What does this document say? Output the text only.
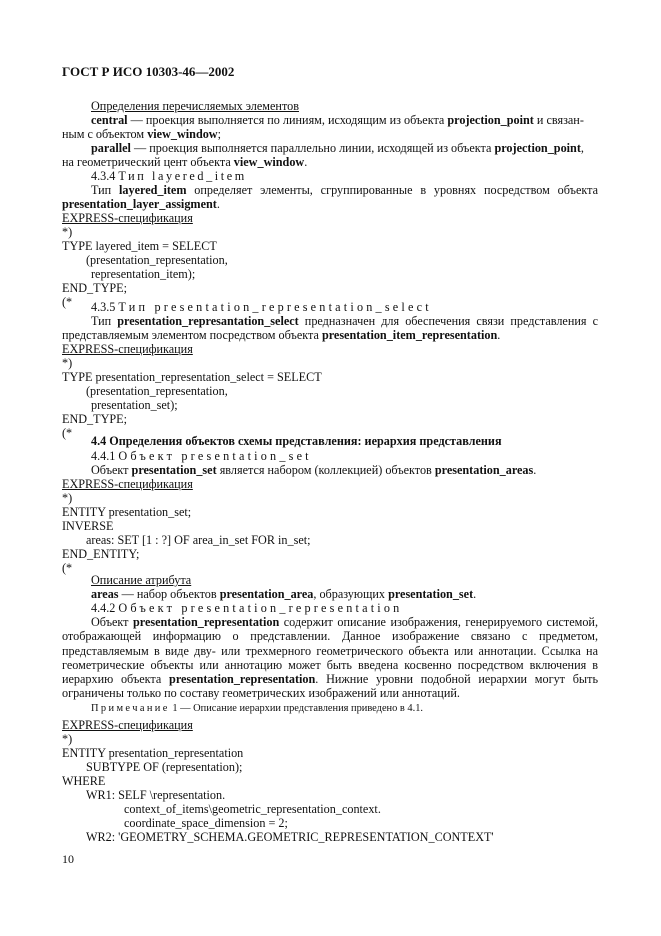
ГОСТ Р ИСО 10303-46—2002
Определения перечисляемых элементов
central — проекция выполняется по линиям, исходящим из объекта projection_point и связан-
ным с объектом view_window;
parallel — проекция выполняется параллельно линии, исходящей из объекта projection_point,
на геометрический цент объекта view_window.
4.3.4 Тип layered_item

Тип layered_item определяет элементы, сгруппированные в уровнях посредством объекта presentation_layer_assigment.

EXPRESS-спецификация
*)
TYPE layered_item = SELECT
(presentation_representation,
representation_item);
END_TYPE;
(* 4.3.5 Тип presentation_representation_select

Тип presentation_represantation_select предназначен для обеспечения связи представления с представляемым элементом посредством объекта presentation_item_representation.

EXPRESS-спецификация
*)
TYPE presentation_representation_select = SELECT
(presentation_representation,
presentation_set);
END_TYPE;
(*
4.4 Определения объектов схемы представления: иерархия представления
4.4.1 Объект presentation_set
Объект presentation_set является набором (коллекцией) объектов presentation_areas.
EXPRESS-спецификация
*)
ENTITY presentation_set;
INVERSE
areas: SET [1 : ?] OF area_in_set FOR in_set;
END_ENTITY;
(*
Описание атрибута
areas — набор объектов presentation_area, образующих presentation_set.
4.4.2 Объект presentation_representation

Объект presentation_representation содержит описание изображения, генерируемого системой, отображающей информацию о представлении. Данное изображение связано с предметом, представляемым в виде дву- или трехмерного геометрического объекта или аннотации. Ссылка на геометрические объекты или аннотацию может быть введена косвенно посредством включения в иерархию объекта presentation_representation. Нижние уровни подобной иерархии могут быть ограничены только по составу геометрических изображений или аннотаций.

Примечание 1 — Описание иерархии представления приведено в 4.1.
EXPRESS-спецификация
*)
ENTITY presentation_representation
SUBTYPE OF (representation);
WHERE
WR1: SELF \representation.
context_of_items\geometric_representation_context.
coordinate_space_dimension = 2;
WR2: 'GEOMETRY_SCHEMA.GEOMETRIC_REPRESENTATION_CONTEXT'
10
